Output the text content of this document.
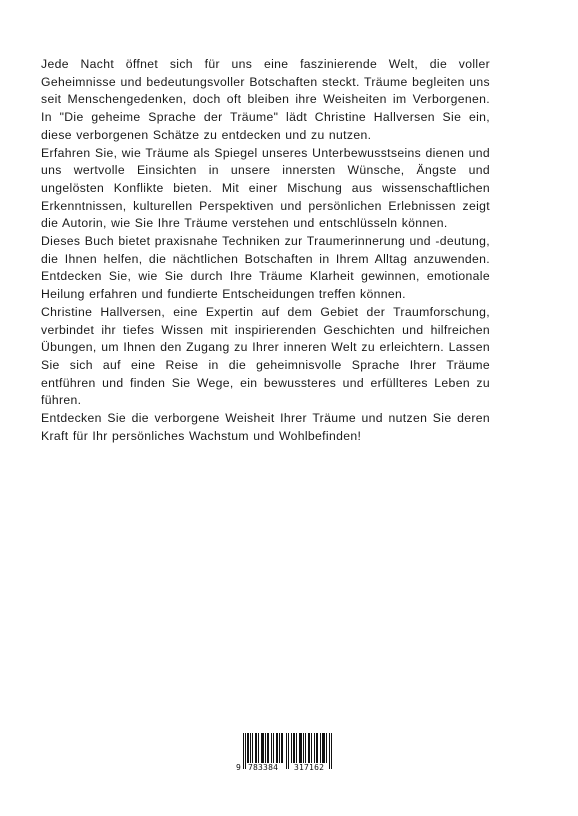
Jede Nacht öffnet sich für uns eine faszinierende Welt, die voller Geheimnisse und bedeutungsvoller Botschaften steckt. Träume begleiten uns seit Menschengedenken, doch oft bleiben ihre Weisheiten im Verborgenen. In "Die geheime Sprache der Träume" lädt Christine Hallversen Sie ein, diese verborgenen Schätze zu entdecken und zu nutzen.

Erfahren Sie, wie Träume als Spiegel unseres Unterbewusstseins dienen und uns wertvolle Einsichten in unsere innersten Wünsche, Ängste und ungelösten Konflikte bieten. Mit einer Mischung aus wissenschaftlichen Erkenntnissen, kulturellen Perspektiven und persönlichen Erlebnissen zeigt die Autorin, wie Sie Ihre Träume verstehen und entschlüsseln können.

Dieses Buch bietet praxisnahe Techniken zur Traumerinnerung und -deutung, die Ihnen helfen, die nächtlichen Botschaften in Ihrem Alltag anzuwenden. Entdecken Sie, wie Sie durch Ihre Träume Klarheit gewinnen, emotionale Heilung erfahren und fundierte Entscheidungen treffen können.

Christine Hallversen, eine Expertin auf dem Gebiet der Traumforschung, verbindet ihr tiefes Wissen mit inspirierenden Geschichten und hilfreichen Übungen, um Ihnen den Zugang zu Ihrer inneren Welt zu erleichtern. Lassen Sie sich auf eine Reise in die geheimnisvolle Sprache Ihrer Träume entführen und finden Sie Wege, ein bewussteres und erfüllteres Leben zu führen.

Entdecken Sie die verborgene Weisheit Ihrer Träume und nutzen Sie deren Kraft für Ihr persönliches Wachstum und Wohlbefinden!

9 783384 317162
